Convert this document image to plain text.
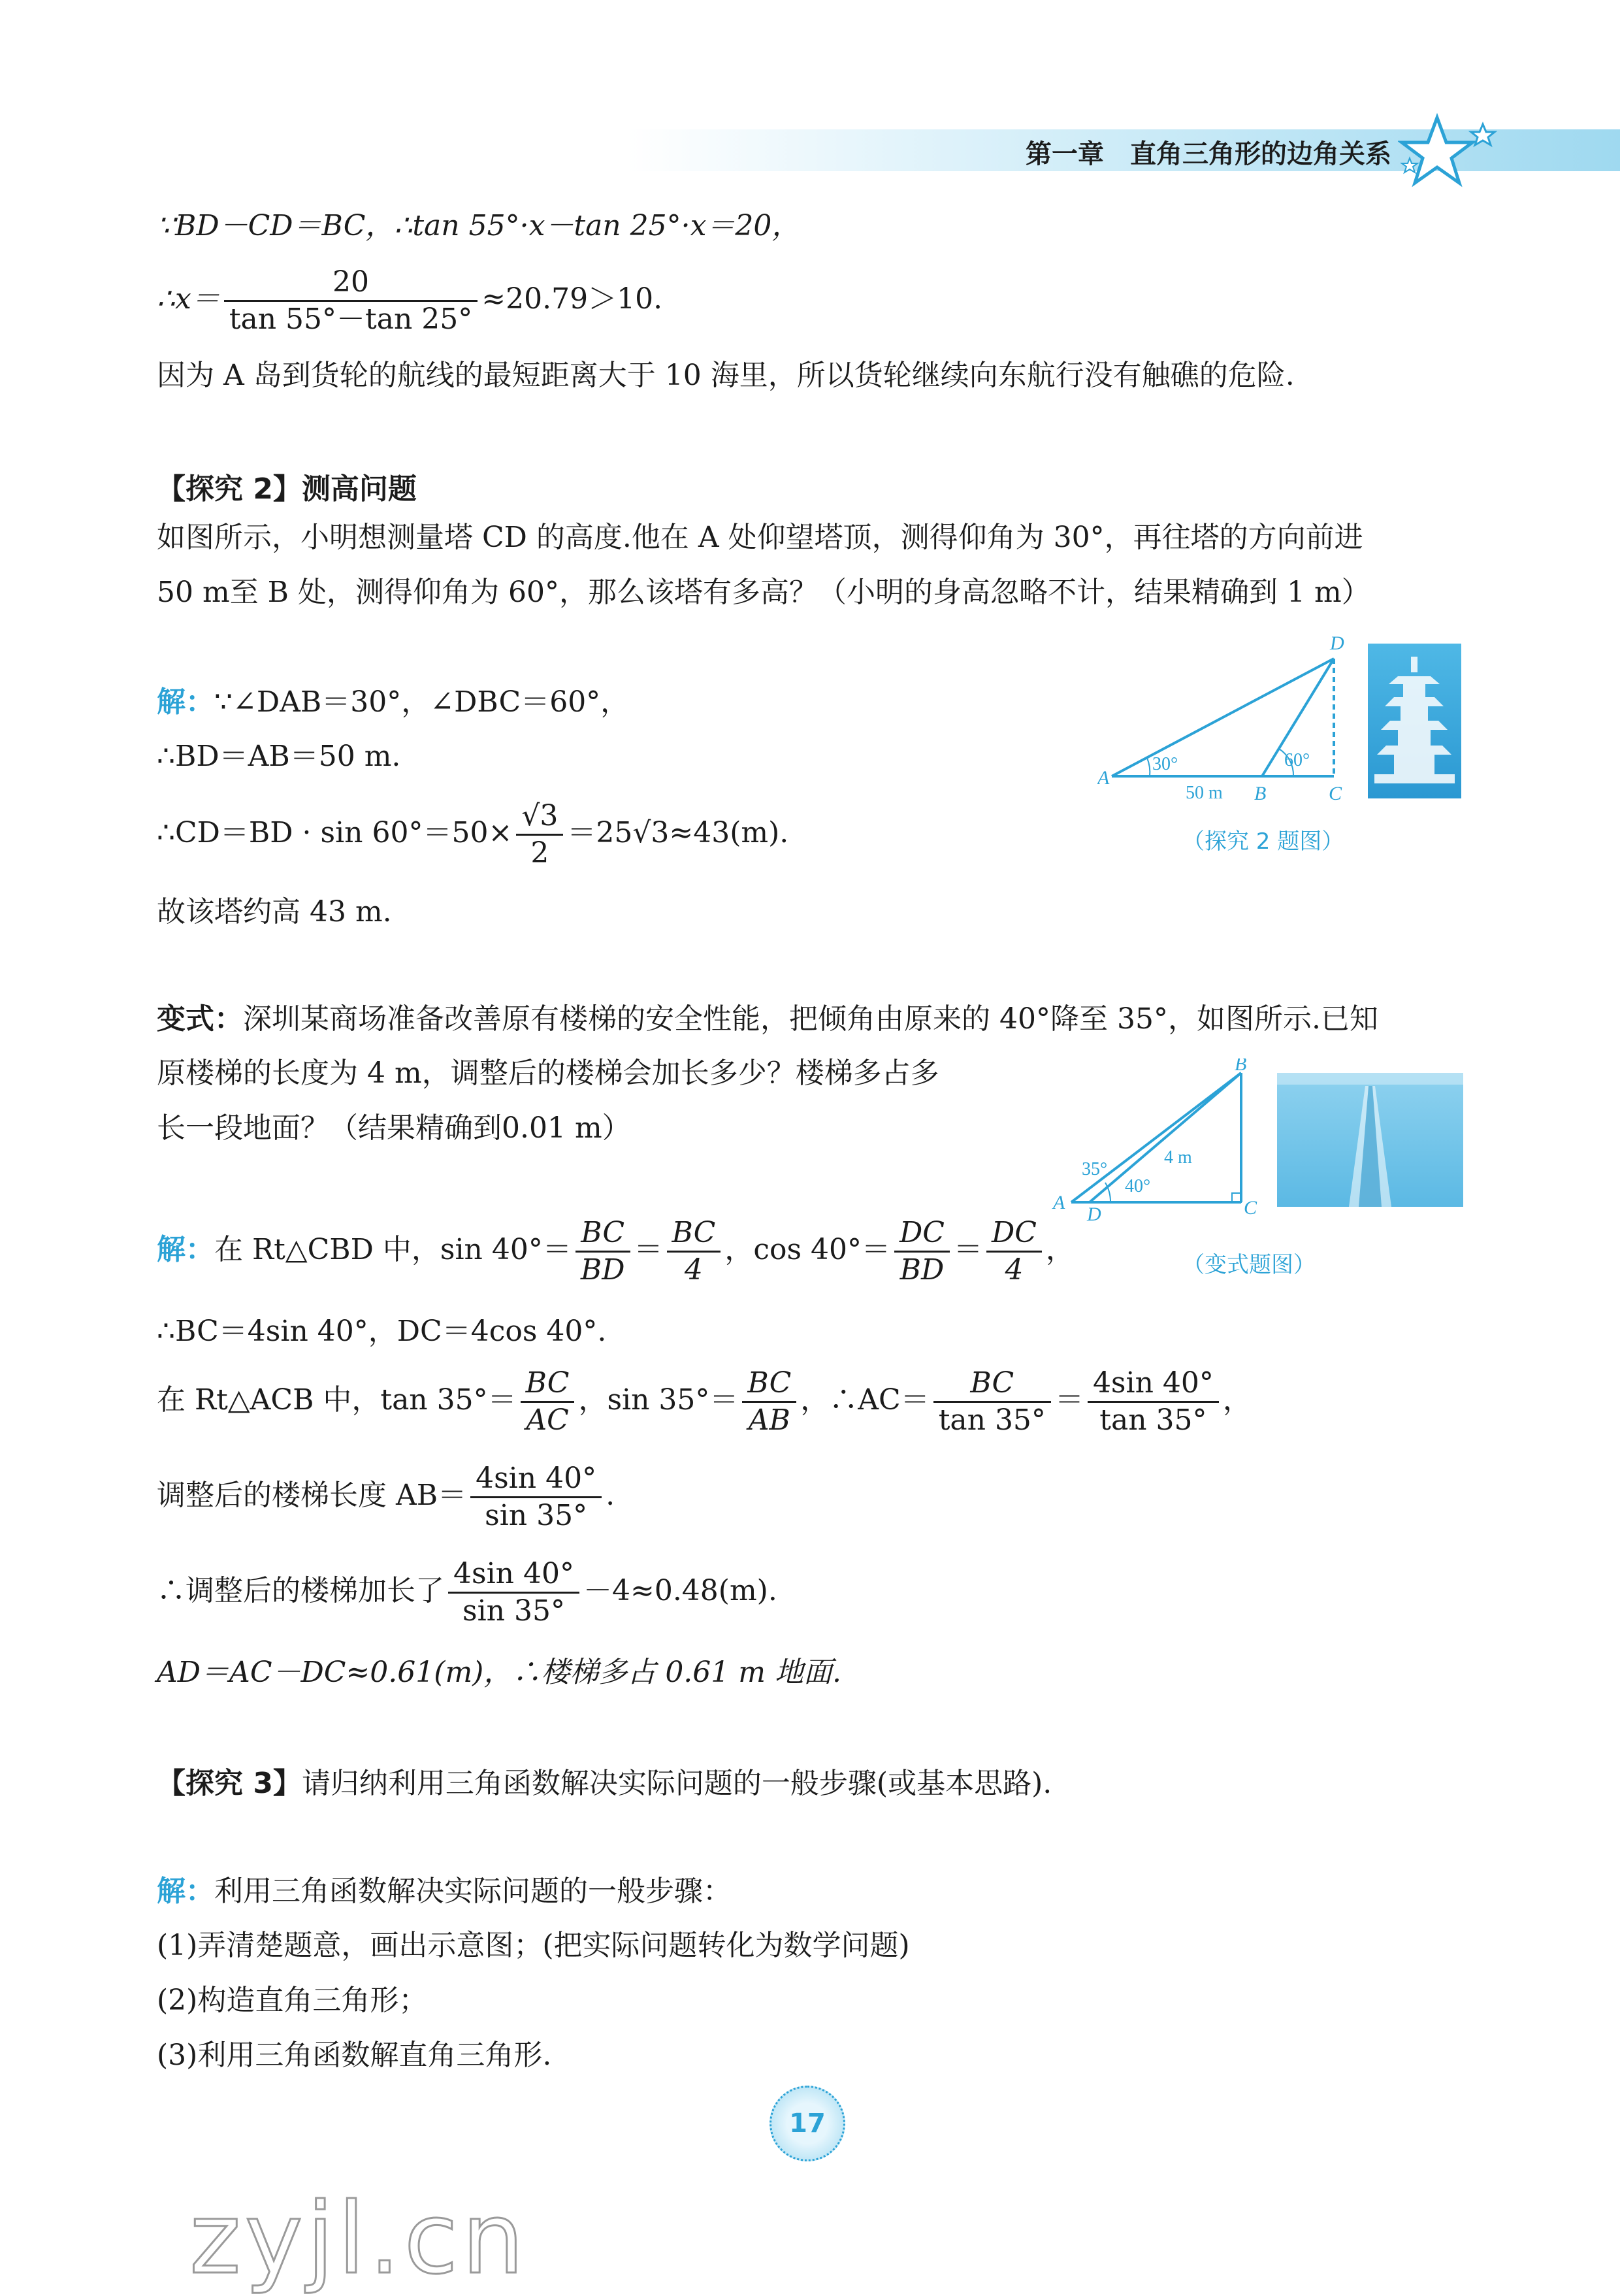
第一章 直角三角形的边角关系
∵BD－CD＝BC，∴tan 55°·x－tan 25°·x＝20，
∴x＝ $\frac{20}{\tan 55^\circ-\tan 25^\circ} \approx 20.79>10$.
因为 A 岛到货轮的航线的最短距离大于 10 海里，所以货轮继续向东航行没有触礁的危险.
【探究 2】测高问题
如图所示，小明想测量塔 CD 的高度.他在 A 处仰望塔顶，测得仰角为 30°，再往塔的方向前进
50 m至 B 处，测得仰角为 60°，那么该塔有多高？（小明的身高忽略不计，结果精确到 1 m）
解：∵∠DAB＝30°，∠DBC＝60°，
∴BD＝AB＝50 m.
∴CD＝BD · $\sin 60^\circ=50\times \frac{√3}{2} =25√3\approx 43(m)$.
故该塔约高 43 m.
D
A
B	C
30°	60°
50 m
（探究 2 题图）
变式：深圳某商场准备改善原有楼梯的安全性能，把倾角由原来的 40°降至 35°，如图所示.已知
原楼梯的长度为 4 m，调整后的楼梯会加长多少？楼梯多占多
长一段地面？（结果精确到0.01 m）
B
A
D	C
35°
40°
4 m
（变式题图）
解：在 Rt△CBD 中，$\sin 40^\circ= \frac{BC}{BD} = \frac{BC}{4}$ ，$\cos 40^\circ= \frac{DC}{BD} = \frac{DC}{4}$ ，
∴BC＝4sin 40°，DC＝4cos 40°.
在 Rt△ACB 中，$\tan 35^\circ= \frac{BC}{AC}$ ，$\sin 35^\circ= \frac{BC}{AB}$ ，∴AC＝ $\frac{BC}{\tan 35^\circ} = \frac{4\sin 40^\circ}{\tan 35^\circ}$ ，
调整后的楼梯长度 $AB= \frac{4\sin 40^\circ}{\sin 35^\circ}$ .
∴调整后的楼梯加长了 $\frac{4\sin 40^\circ}{\sin 35^\circ} -4\approx 0.48(m)$.
AD＝AC－DC≈0.61(m)，∴楼梯多占 0.61 m 地面.
【探究 3】请归纳利用三角函数解决实际问题的一般步骤(或基本思路).
解：利用三角函数解决实际问题的一般步骤：
(1)弄清楚题意，画出示意图；(把实际问题转化为数学问题)
(2)构造直角三角形；
(3)利用三角函数解直角三角形.
17
zyjl.cn
